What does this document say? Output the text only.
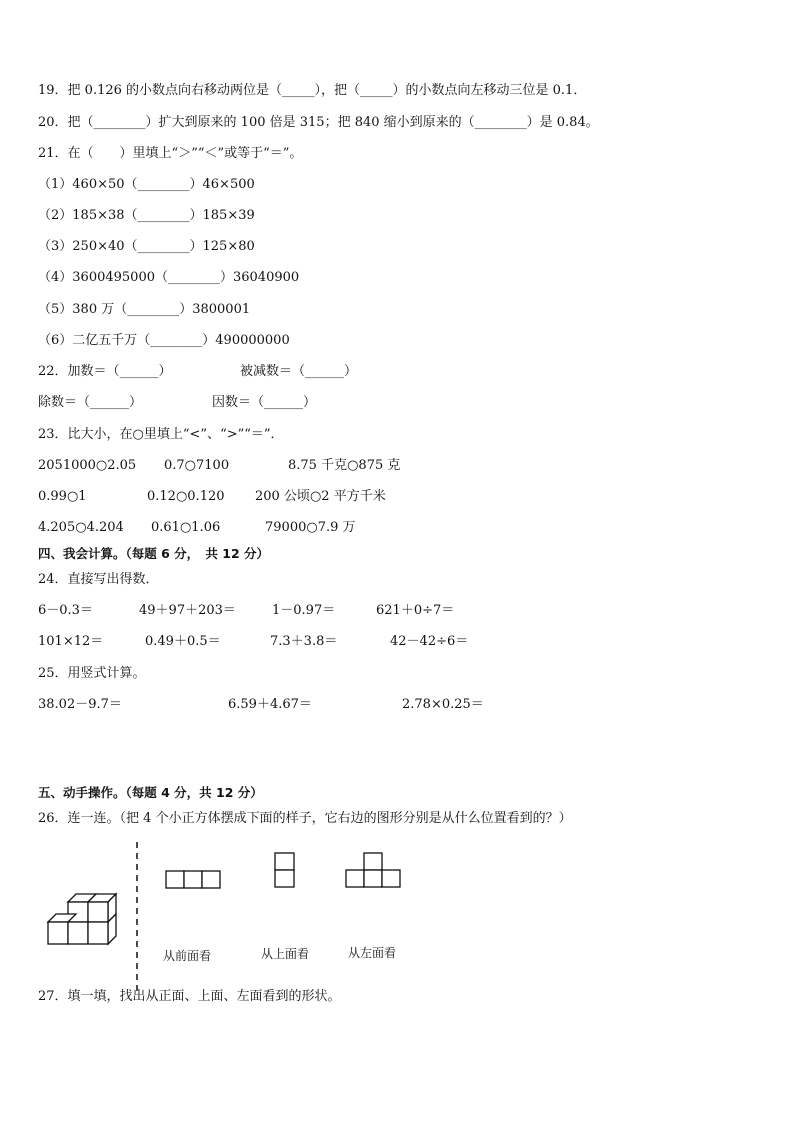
19．把 0.126 的小数点向右移动两位是（_____），把（_____）的小数点向左移动三位是 0.1．
20．把（________）扩大到原来的 100 倍是 315；把 840 缩小到原来的（________）是 0.84。
21．在（　　）里填上“＞”“＜”或等于“＝”。
（1）460×50（________）46×500
（2）185×38（________）185×39
（3）250×40（________）125×80
（4）3600495000（________）36040900
（5）380 万（________）3800001
（6）二亿五千万（________）490000000
22．加数＝（______）	被减数＝（______）
除数＝（______）	因数＝（______）
23．比大小，在○里填上“<”、“>”“＝”．
2051000○2.05 0.7○7100	8.75 千克○875 克
0.99○1	0.12○0.120 200 公顷○2 平方千米
4.205○4.204 0.61○1.06	79000○7.9 万
四、我会计算。（每题 6 分，　共 12 分）
24．直接写出得数．
6－0.3＝	49＋97＋203＝	1－0.97＝	621＋0÷7＝
101×12＝	0.49＋0.5＝	7.3＋3.8＝	42－42÷6＝
25．用竖式计算。
38.02－9.7＝	6.59＋4.67＝	2.78×0.25＝
五、动手操作。（每题 4 分，共 12 分）
26．连一连。（把 4 个小正方体摆成下面的样子，它右边的图形分别是从什么位置看到的？）
从前面看	从上面看	从左面看
27．填一填，找出从正面、上面、左面看到的形状。
